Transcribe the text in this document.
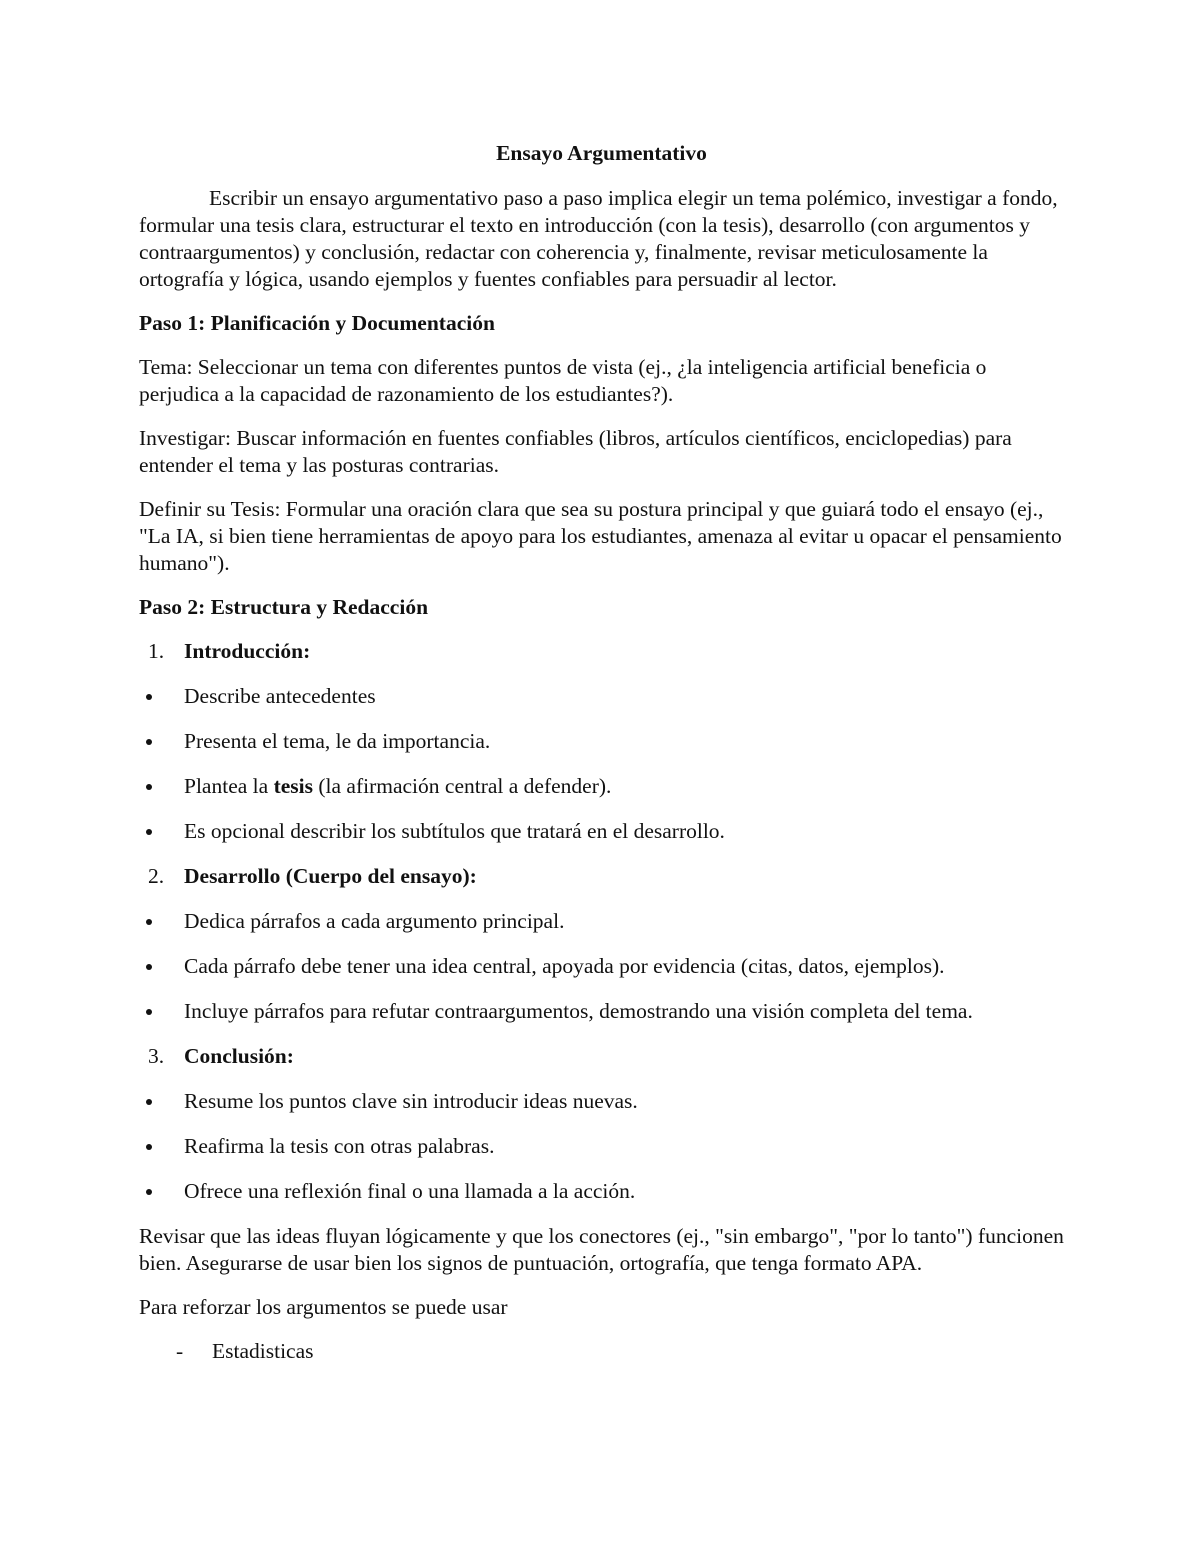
Ensayo Argumentativo

Escribir un ensayo argumentativo paso a paso implica elegir un tema polémico, investigar a fondo, formular una tesis clara, estructurar el texto en introducción (con la tesis), desarrollo (con argumentos y contraargumentos) y conclusión, redactar con coherencia y, finalmente, revisar meticulosamente la ortografía y lógica, usando ejemplos y fuentes confiables para persuadir al lector.

Paso 1: Planificación y Documentación

Tema: Seleccionar un tema con diferentes puntos de vista (ej., ¿la inteligencia artificial beneficia o perjudica a la capacidad de razonamiento de los estudiantes?).

Investigar: Buscar información en fuentes confiables (libros, artículos científicos, enciclopedias) para entender el tema y las posturas contrarias.

Definir su Tesis: Formular una oración clara que sea su postura principal y que guiará todo el ensayo (ej., "La IA, si bien tiene herramientas de apoyo para los estudiantes, amenaza al evitar u opacar el pensamiento humano").

Paso 2: Estructura y Redacción
1. Introducción:
Describe antecedentes
Presenta el tema, le da importancia.
Plantea la tesis (la afirmación central a defender).
Es opcional describir los subtítulos que tratará en el desarrollo.
2. Desarrollo (Cuerpo del ensayo):
Dedica párrafos a cada argumento principal.
Cada párrafo debe tener una idea central, apoyada por evidencia (citas, datos, ejemplos).
Incluye párrafos para refutar contraargumentos, demostrando una visión completa del tema.
3. Conclusión:
Resume los puntos clave sin introducir ideas nuevas.
Reafirma la tesis con otras palabras.
Ofrece una reflexión final o una llamada a la acción.

Revisar que las ideas fluyan lógicamente y que los conectores (ej., "sin embargo", "por lo tanto") funcionen bien. Asegurarse de usar bien los signos de puntuación, ortografía, que tenga formato APA.

Para reforzar los argumentos se puede usar

- Estadisticas
